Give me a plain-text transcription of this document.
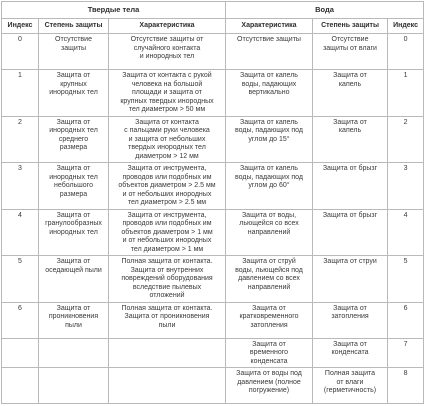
Твердые тела			Вода		
Индекс	Степень защиты	Характеристика	Характеристика	Степень защиты	Индекс

0	Отсутствие
защиты	Отсутствие защиты от
случайного контакта
и инородных тел	Отсутствие защиты	Отсутствие
защиты от влаги	0

1	Защита от
крупных
инородных тел	Защита от контакта с рукой
человека на большой
площади и защита от
крупных твердых инородных
тел диаметром > 50 мм	Защита от капель
воды, падающих
вертикально	Защита от
капель	1

2	Защита от
инородных тел
среднего
размера	Защита от контакта
с пальцами руки человека
и защита от небольших
твердых инородных тел
диаметром > 12 мм	Защита от капель
воды, падающих под
углом до 15°	Защита от
капель	2

3	Защита от
инородных тел
небольшого
размера	Защита от инструмента,
проводов или подобных им
объектов диаметром > 2.5 мм
и от небольших инородных
тел диаметром > 2.5 мм	Защита от капель
воды, падающих под
углом до 60°	Защита от брызг	3

4	Защита от
гранулообразных
инородных тел	Защита от инструмента,
проводов или подобных им
объектов диаметром > 1 мм
и от небольших инородных
тел диаметром > 1 мм	Защита от воды,
льющейся со всех
направлений	Защита от брызг	4

5	Защита от
оседающей пыли	Полная защита от контакта.
Защита от внутренних
повреждений оборудования
вследствие пылевых
отложений	Защита от струй
воды, льющейся под
давлением со всех
направлений	Защита от струи	5

6	Защита от
проникновения
пыли	Полная защита от контакта.
Защита от проникновения
пыли	Защита от
кратковременного
затопления	Защита от
затопления	6

			Защита от
временного
конденсата	Защита от
конденсата	7

			Защита от воды под
давлением (полное
погружение)	Полная защита
от влаги
(герметичность)	8
